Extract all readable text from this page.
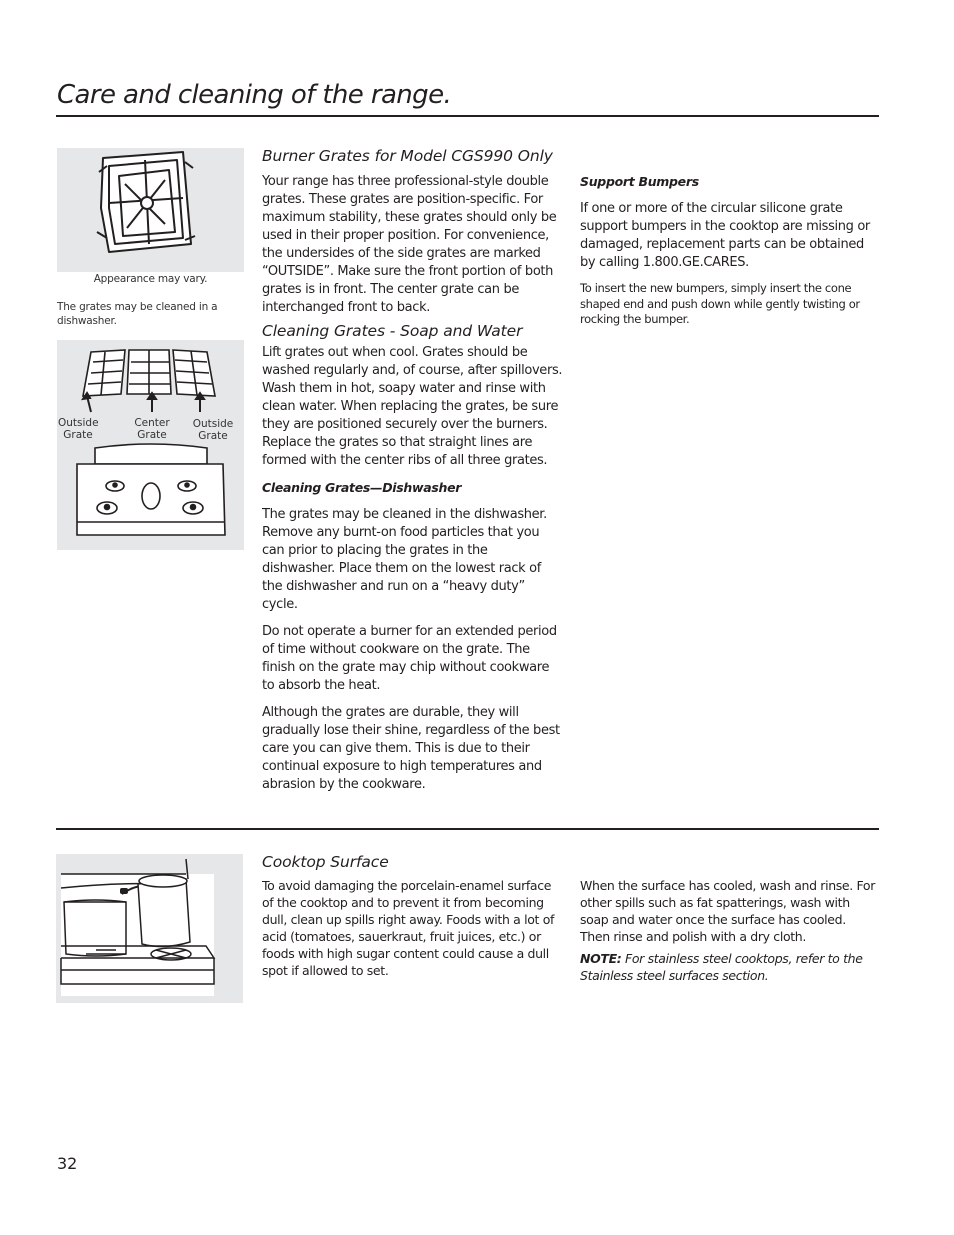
Care and cleaning of the range.
Appearance may vary.
The grates may be cleaned in a dishwasher.
Outside
Grate
Center
Grate
Outside
Grate
Burner Grates for Model CGS990 Only

Your range has three professional-style double grates. These grates are position-specific. For maximum stability, these grates should only be used in their proper position. For convenience, the undersides of the side grates are marked “OUTSIDE”. Make sure the front portion of both grates is in front. The center grate can be interchanged front to back.

Cleaning Grates - Soap and Water

Lift grates out when cool. Grates should be washed regularly and, of course, after spillovers. Wash them in hot, soapy water and rinse with clean water. When replacing the grates, be sure they are positioned securely over the burners. Replace the grates so that straight lines are formed with the center ribs of all three grates.

Cleaning Grates—Dishwasher

The grates may be cleaned in the dishwasher. Remove any burnt-on food particles that you can prior to placing the grates in the dishwasher. Place them on the lowest rack of the dishwasher and run on a “heavy duty” cycle.

Do not operate a burner for an extended period of time without cookware on the grate. The finish on the grate may chip without cookware to absorb the heat.

Although the grates are durable, they will gradually lose their shine, regardless of the best care you can give them. This is due to their continual exposure to high temperatures and abrasion by the cookware.

Support Bumpers

If one or more of the circular silicone grate support bumpers in the cooktop are missing or damaged, replacement parts can be obtained by calling 1.800.GE.CARES.

To insert the new bumpers, simply insert the cone shaped end and push down while gently twisting or rocking the bumper.

Cooktop Surface

To avoid damaging the porcelain-enamel surface of the cooktop and to prevent it from becoming dull, clean up spills right away. Foods with a lot of acid (tomatoes, sauerkraut, fruit juices, etc.) or foods with high sugar content could cause a dull spot if allowed to set.

When the surface has cooled, wash and rinse. For other spills such as fat spatterings, wash with soap and water once the surface has cooled. Then rinse and polish with a dry cloth.

NOTE: For stainless steel cooktops, refer to the Stainless steel surfaces section.

32
